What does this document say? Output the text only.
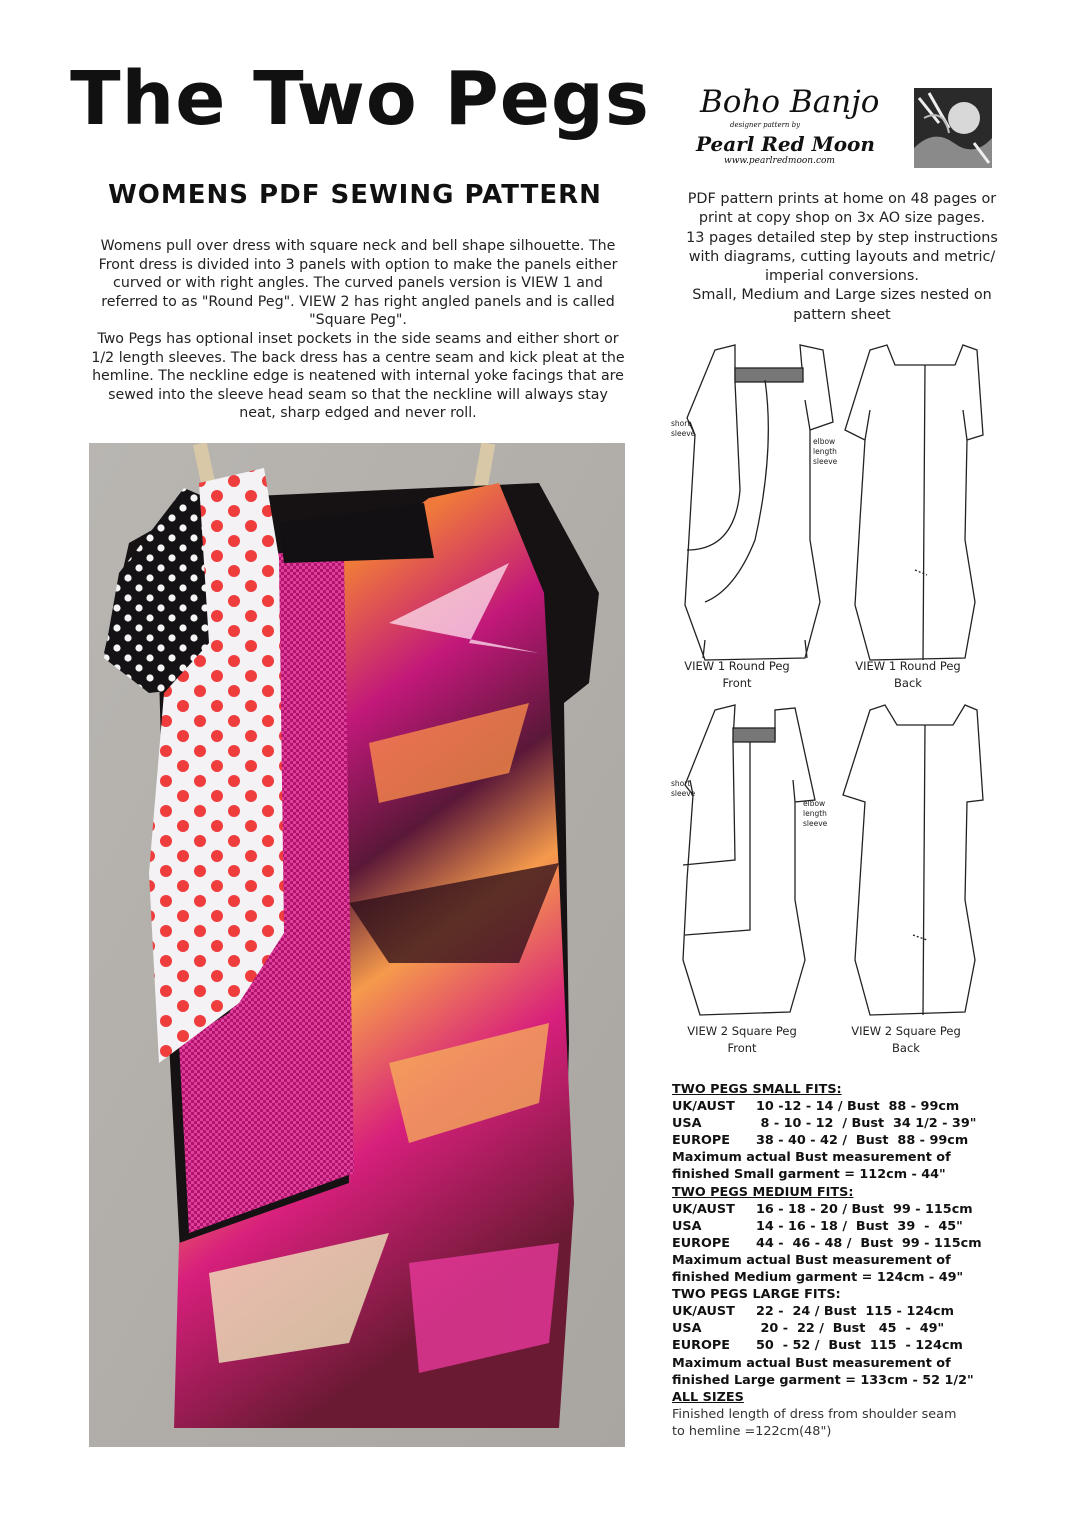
The Two Pegs
WOMENS PDF SEWING PATTERN

Womens pull over dress with square neck and bell shape silhouette. The Front dress is divided into 3 panels with option to make the panels either curved or with right angles. The curved panels version is VIEW 1 and referred to as "Round Peg". VIEW 2 has right angled panels and is called "Square Peg".

Two Pegs has optional inset pockets in the side seams and either short or 1/2 length sleeves. The back dress has a centre seam and kick pleat at the hemline. The neckline edge is neatened with internal yoke facings that are sewed into the sleeve head seam so that the neckline will always stay neat, sharp edged and never roll.

Boho Banjo
designer pattern by
Pearl Red Moon
www.pearlredmoon.com

PDF pattern prints at home on 48 pages or print at copy shop on 3x AO size pages.

13 pages detailed step by step instructions with diagrams, cutting layouts and metric/ imperial conversions.

Small, Medium and Large sizes nested on pattern sheet

short
sleeve
elbow
length
sleeve
short
sleeve
elbow
length
sleeve
VIEW 1 Round Peg
Front
VIEW 1 Round Peg
Back
VIEW 2 Square Peg
Front
VIEW 2 Square Peg
Back
TWO PEGS SMALL FITS:
UK/AUST	10 -12 - 14 / Bust  88 - 99cm
USA	8 - 10 - 12  / Bust  34 1/2 - 39"
EUROPE	38 - 40 - 42 /  Bust  88 - 99cm
Maximum actual Bust measurement of
finished Small garment = 112cm - 44"
TWO PEGS MEDIUM FITS:
UK/AUST	16 - 18 - 20 / Bust  99 - 115cm
USA	14 - 16 - 18 /  Bust  39  -  45"
EUROPE	44 -  46 - 48 /  Bust  99 - 115cm
Maximum actual Bust measurement of
finished Medium garment = 124cm - 49"
TWO PEGS LARGE FITS:
UK/AUST	22 -  24 / Bust  115 - 124cm
USA	20 -  22 /  Bust   45  -  49"
EUROPE	50  - 52 /  Bust  115  - 124cm
Maximum actual Bust measurement of
finished Large garment = 133cm - 52 1/2"
ALL SIZES
Finished length of dress from shoulder seam
to hemline =122cm(48")
